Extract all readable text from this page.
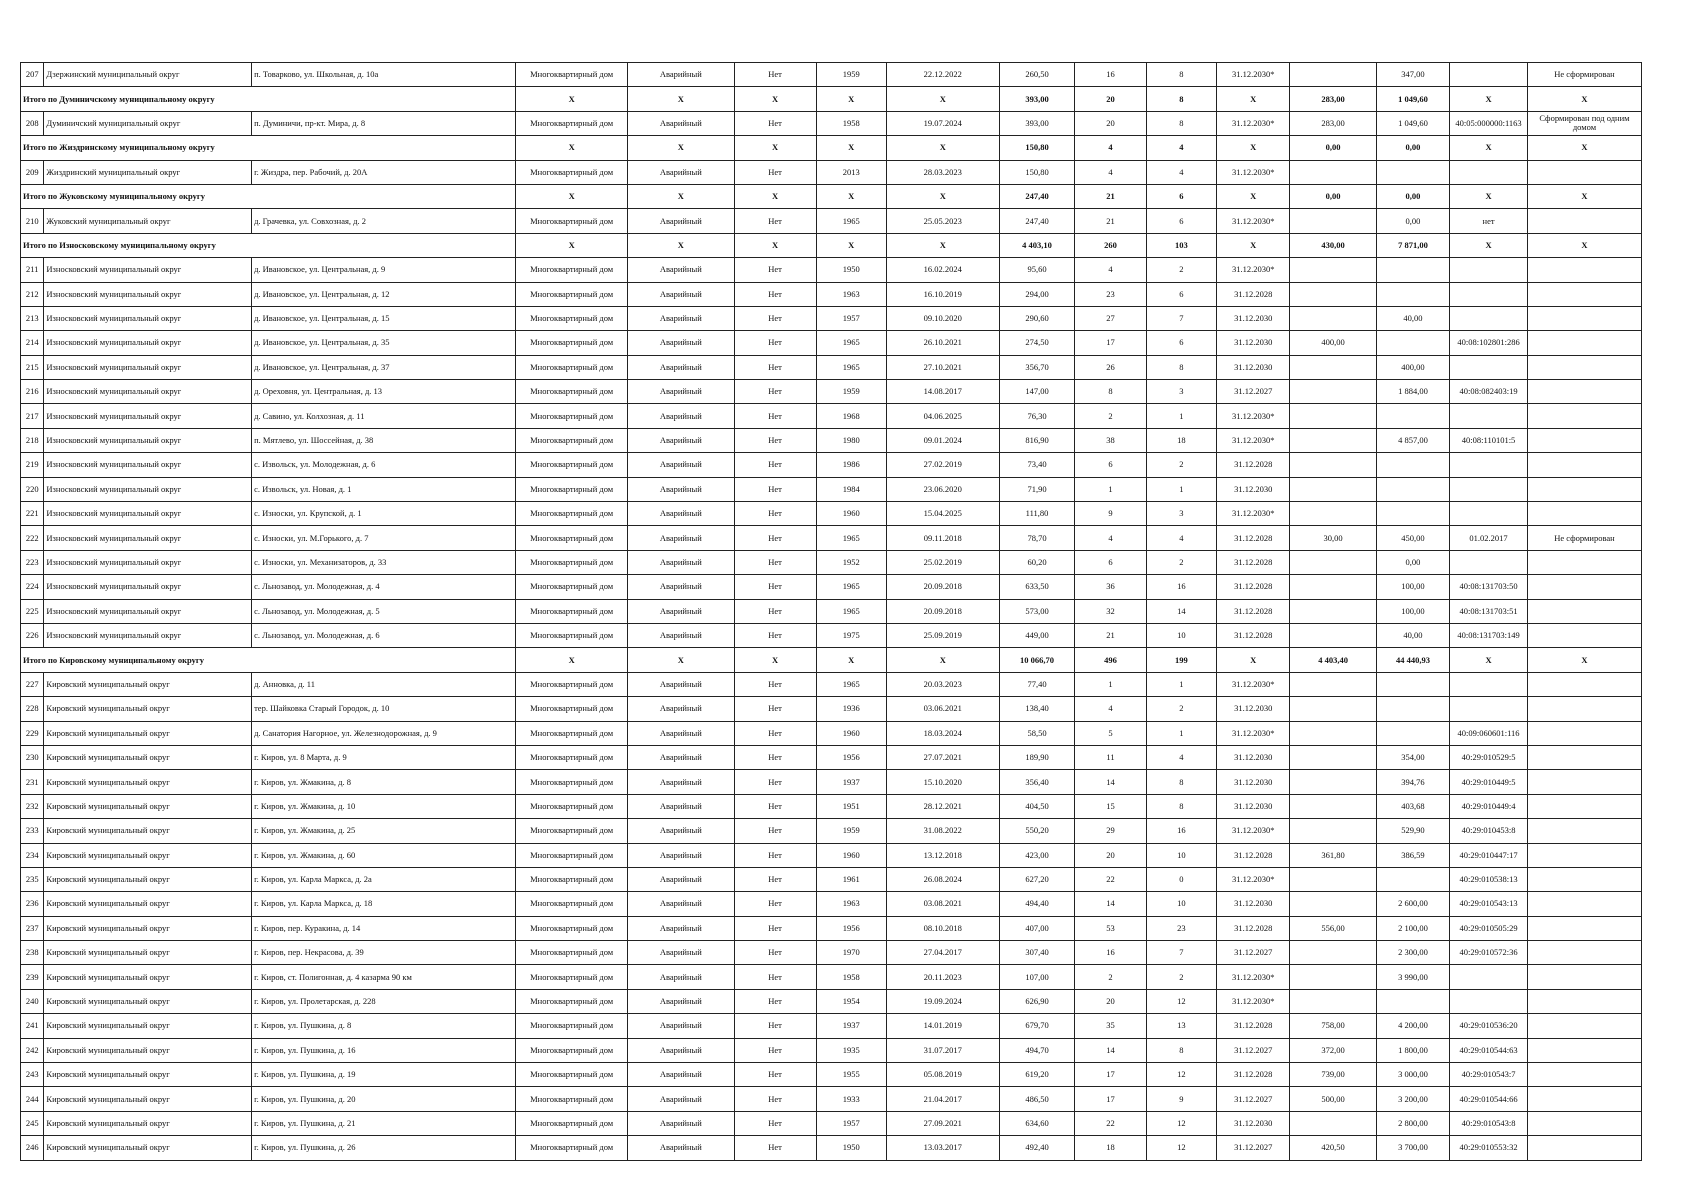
207	Дзержинский муниципальный округ	п. Товарково, ул. Школьная, д. 10а	Многоквартирный дом	Аварийный	Нет	1959	22.12.2022	260,50	16	8	31.12.2030*		347,00		Не сформирован
Итого по Думиничскому муниципальному округу			X	X	X	X	X	393,00	20	8	X	283,00	1 049,60	X	X
208	Думиничский муниципальный округ	п. Думиничи, пр-кт. Мира, д. 8	Многоквартирный дом	Аварийный	Нет	1958	19.07.2024	393,00	20	8	31.12.2030*	283,00	1 049,60	40:05:000000:1163	Сформирован под одним домом
Итого по Жиздринскому муниципальному округу			X	X	X	X	X	150,80	4	4	X	0,00	0,00	X	X
209	Жиздринский муниципальный округ	г. Жиздра, пер. Рабочий, д. 20А	Многоквартирный дом	Аварийный	Нет	2013	28.03.2023	150,80	4	4	31.12.2030*				
Итого по Жуковскому муниципальному округу			X	X	X	X	X	247,40	21	6	X	0,00	0,00	X	X
210	Жуковский муниципальный округ	д. Грачевка, ул. Совхозная, д. 2	Многоквартирный дом	Аварийный	Нет	1965	25.05.2023	247,40	21	6	31.12.2030*		0,00	нет	
Итого по Износковскому муниципальному округу			X	X	X	X	X	4 403,10	260	103	X	430,00	7 871,00	X	X
211	Износковский муниципальный округ	д. Ивановское, ул. Центральная, д. 9	Многоквартирный дом	Аварийный	Нет	1950	16.02.2024	95,60	4	2	31.12.2030*				
212	Износковский муниципальный округ	д. Ивановское, ул. Центральная, д. 12	Многоквартирный дом	Аварийный	Нет	1963	16.10.2019	294,00	23	6	31.12.2028				
213	Износковский муниципальный округ	д. Ивановское, ул. Центральная, д. 15	Многоквартирный дом	Аварийный	Нет	1957	09.10.2020	290,60	27	7	31.12.2030		40,00		
214	Износковский муниципальный округ	д. Ивановское, ул. Центральная, д. 35	Многоквартирный дом	Аварийный	Нет	1965	26.10.2021	274,50	17	6	31.12.2030	400,00		40:08:102801:286	
215	Износковский муниципальный округ	д. Ивановское, ул. Центральная, д. 37	Многоквартирный дом	Аварийный	Нет	1965	27.10.2021	356,70	26	8	31.12.2030		400,00		
216	Износковский муниципальный округ	д. Ореховня, ул. Центральная, д. 13	Многоквартирный дом	Аварийный	Нет	1959	14.08.2017	147,00	8	3	31.12.2027		1 884,00	40:08:082403:19	
217	Износковский муниципальный округ	д. Савино, ул. Колхозная, д. 11	Многоквартирный дом	Аварийный	Нет	1968	04.06.2025	76,30	2	1	31.12.2030*				
218	Износковский муниципальный округ	п. Мятлево, ул. Шоссейная, д. 38	Многоквартирный дом	Аварийный	Нет	1980	09.01.2024	816,90	38	18	31.12.2030*		4 857,00	40:08:110101:5	
219	Износковский муниципальный округ	с. Извольск, ул. Молодежная, д. 6	Многоквартирный дом	Аварийный	Нет	1986	27.02.2019	73,40	6	2	31.12.2028				
220	Износковский муниципальный округ	с. Извольск, ул. Новая, д. 1	Многоквартирный дом	Аварийный	Нет	1984	23.06.2020	71,90	1	1	31.12.2030				
221	Износковский муниципальный округ	с. Износки, ул. Крупской, д. 1	Многоквартирный дом	Аварийный	Нет	1960	15.04.2025	111,80	9	3	31.12.2030*				
222	Износковский муниципальный округ	с. Износки, ул. М.Горького, д. 7	Многоквартирный дом	Аварийный	Нет	1965	09.11.2018	78,70	4	4	31.12.2028	30,00	450,00	01.02.2017	Не сформирован
223	Износковский муниципальный округ	с. Износки, ул. Механизаторов, д. 33	Многоквартирный дом	Аварийный	Нет	1952	25.02.2019	60,20	6	2	31.12.2028		0,00		
224	Износковский муниципальный округ	с. Льнозавод, ул. Молодежная, д. 4	Многоквартирный дом	Аварийный	Нет	1965	20.09.2018	633,50	36	16	31.12.2028		100,00	40:08:131703:50	
225	Износковский муниципальный округ	с. Льнозавод, ул. Молодежная, д. 5	Многоквартирный дом	Аварийный	Нет	1965	20.09.2018	573,00	32	14	31.12.2028		100,00	40:08:131703:51	
226	Износковский муниципальный округ	с. Льнозавод, ул. Молодежная, д. 6	Многоквартирный дом	Аварийный	Нет	1975	25.09.2019	449,00	21	10	31.12.2028		40,00	40:08:131703:149	
Итого по Кировскому муниципальному округу			X	X	X	X	X	10 066,70	496	199	X	4 403,40	44 440,93	X	X
227	Кировский муниципальный округ	д. Анновка, д. 11	Многоквартирный дом	Аварийный	Нет	1965	20.03.2023	77,40	1	1	31.12.2030*				
228	Кировский муниципальный округ	тер. Шайковка Старый Городок, д. 10	Многоквартирный дом	Аварийный	Нет	1936	03.06.2021	138,40	4	2	31.12.2030				
229	Кировский муниципальный округ	д. Санатория Нагорное, ул. Железнодорожная, д. 9	Многоквартирный дом	Аварийный	Нет	1960	18.03.2024	58,50	5	1	31.12.2030*			40:09:060601:116	
230	Кировский муниципальный округ	г. Киров, ул. 8 Марта, д. 9	Многоквартирный дом	Аварийный	Нет	1956	27.07.2021	189,90	11	4	31.12.2030		354,00	40:29:010529:5	
231	Кировский муниципальный округ	г. Киров, ул. Жмакина, д. 8	Многоквартирный дом	Аварийный	Нет	1937	15.10.2020	356,40	14	8	31.12.2030		394,76	40:29:010449:5	
232	Кировский муниципальный округ	г. Киров, ул. Жмакина, д. 10	Многоквартирный дом	Аварийный	Нет	1951	28.12.2021	404,50	15	8	31.12.2030		403,68	40:29:010449:4	
233	Кировский муниципальный округ	г. Киров, ул. Жмакина, д. 25	Многоквартирный дом	Аварийный	Нет	1959	31.08.2022	550,20	29	16	31.12.2030*		529,90	40:29:010453:8	
234	Кировский муниципальный округ	г. Киров, ул. Жмакина, д. 60	Многоквартирный дом	Аварийный	Нет	1960	13.12.2018	423,00	20	10	31.12.2028	361,80	386,59	40:29:010447:17	
235	Кировский муниципальный округ	г. Киров, ул. Карла Маркса, д. 2а	Многоквартирный дом	Аварийный	Нет	1961	26.08.2024	627,20	22	0	31.12.2030*			40:29:010538:13	
236	Кировский муниципальный округ	г. Киров, ул. Карла Маркса, д. 18	Многоквартирный дом	Аварийный	Нет	1963	03.08.2021	494,40	14	10	31.12.2030		2 600,00	40:29:010543:13	
237	Кировский муниципальный округ	г. Киров, пер. Куракина, д. 14	Многоквартирный дом	Аварийный	Нет	1956	08.10.2018	407,00	53	23	31.12.2028	556,00	2 100,00	40:29:010505:29	
238	Кировский муниципальный округ	г. Киров, пер. Некрасова, д. 39	Многоквартирный дом	Аварийный	Нет	1970	27.04.2017	307,40	16	7	31.12.2027		2 300,00	40:29:010572:36	
239	Кировский муниципальный округ	г. Киров, ст. Полигонная, д. 4 казарма 90 км	Многоквартирный дом	Аварийный	Нет	1958	20.11.2023	107,00	2	2	31.12.2030*		3 990,00		
240	Кировский муниципальный округ	г. Киров, ул. Пролетарская, д. 228	Многоквартирный дом	Аварийный	Нет	1954	19.09.2024	626,90	20	12	31.12.2030*				
241	Кировский муниципальный округ	г. Киров, ул. Пушкина, д. 8	Многоквартирный дом	Аварийный	Нет	1937	14.01.2019	679,70	35	13	31.12.2028	758,00	4 200,00	40:29:010536:20	
242	Кировский муниципальный округ	г. Киров, ул. Пушкина, д. 16	Многоквартирный дом	Аварийный	Нет	1935	31.07.2017	494,70	14	8	31.12.2027	372,00	1 800,00	40:29:010544:63	
243	Кировский муниципальный округ	г. Киров, ул. Пушкина, д. 19	Многоквартирный дом	Аварийный	Нет	1955	05.08.2019	619,20	17	12	31.12.2028	739,00	3 000,00	40:29:010543:7	
244	Кировский муниципальный округ	г. Киров, ул. Пушкина, д. 20	Многоквартирный дом	Аварийный	Нет	1933	21.04.2017	486,50	17	9	31.12.2027	500,00	3 200,00	40:29:010544:66	
245	Кировский муниципальный округ	г. Киров, ул. Пушкина, д. 21	Многоквартирный дом	Аварийный	Нет	1957	27.09.2021	634,60	22	12	31.12.2030		2 800,00	40:29:010543:8	
246	Кировский муниципальный округ	г. Киров, ул. Пушкина, д. 26	Многоквартирный дом	Аварийный	Нет	1950	13.03.2017	492,40	18	12	31.12.2027	420,50	3 700,00	40:29:010553:32	
